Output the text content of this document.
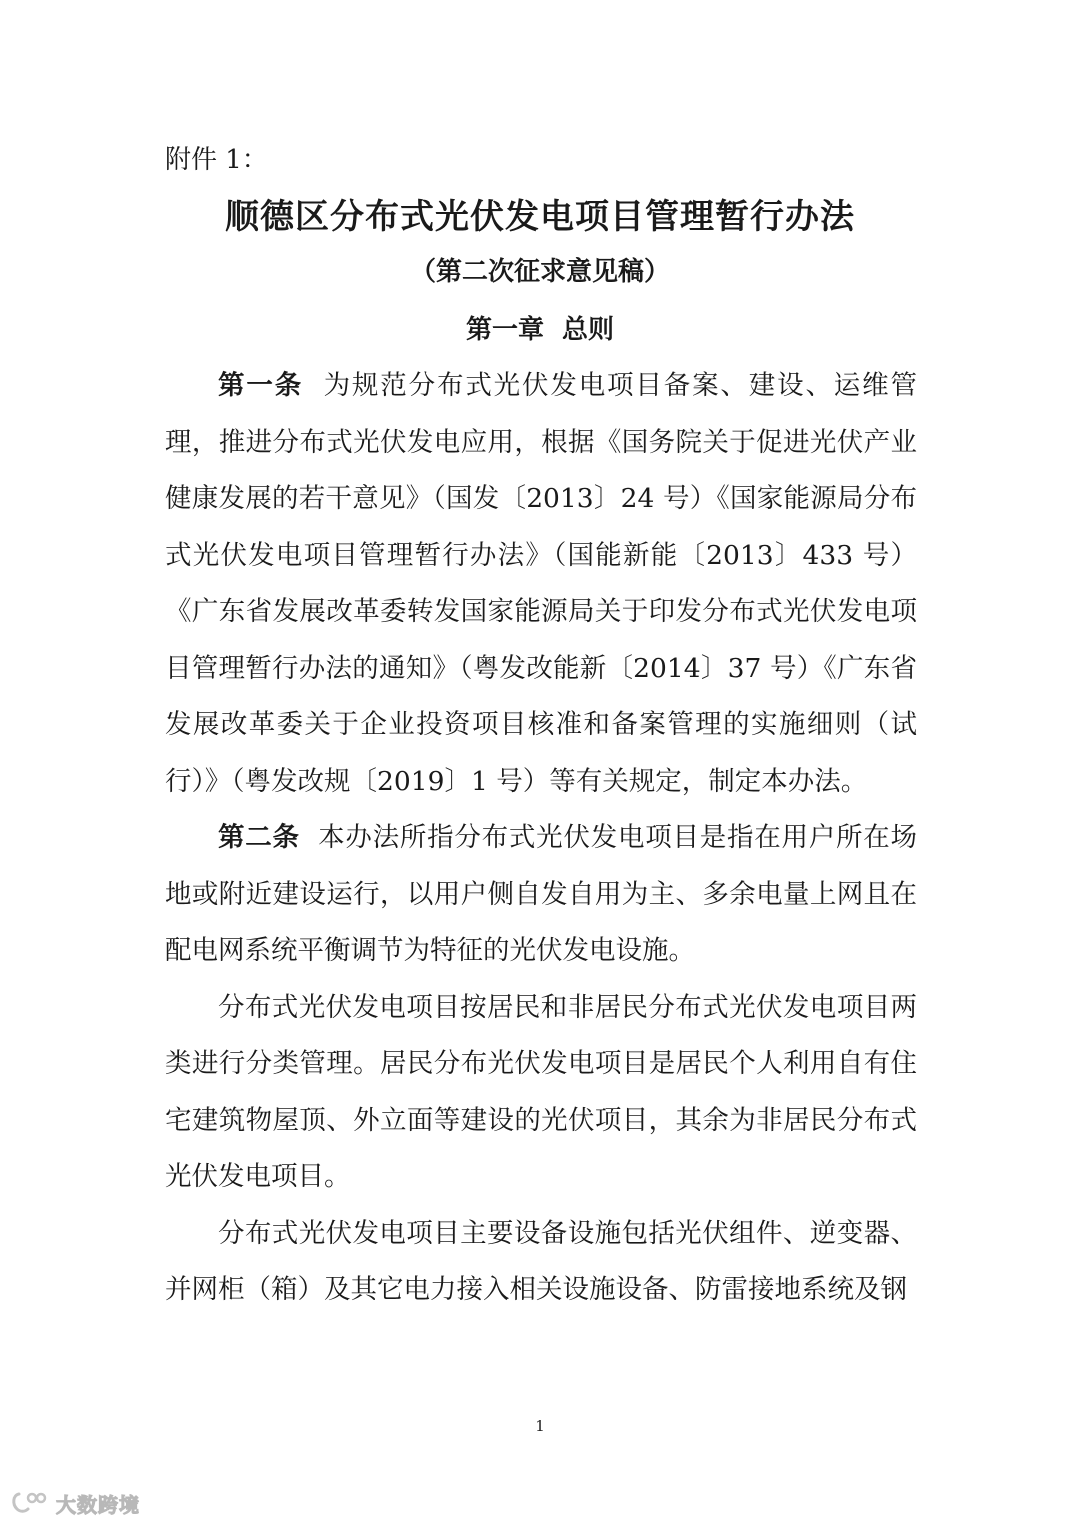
附件 1：
顺德区分布式光伏发电项目管理暂行办法
（第二次征求意见稿）
第一章  总则

第一条  为规范分布式光伏发电项目备案、建设、运维管理，推进分布式光伏发电应用，根据《国务院关于促进光伏产业健康发展的若干意见》（国发〔2013〕24 号）《国家能源局分布式光伏发电项目管理暂行办法》（国能新能〔2013〕433 号）《广东省发展改革委转发国家能源局关于印发分布式光伏发电项目管理暂行办法的通知》（粤发改能新〔2014〕37 号）《广东省发展改革委关于企业投资项目核准和备案管理的实施细则（试行）》（粤发改规〔2019〕1 号）等有关规定，制定本办法。

第二条  本办法所指分布式光伏发电项目是指在用户所在场地或附近建设运行，以用户侧自发自用为主、多余电量上网且在配电网系统平衡调节为特征的光伏发电设施。

分布式光伏发电项目按居民和非居民分布式光伏发电项目两类进行分类管理。居民分布光伏发电项目是居民个人利用自有住宅建筑物屋顶、外立面等建设的光伏项目，其余为非居民分布式光伏发电项目。

分布式光伏发电项目主要设备设施包括光伏组件、逆变器、并网柜（箱）及其它电力接入相关设施设备、防雷接地系统及钢

1
大数跨境
